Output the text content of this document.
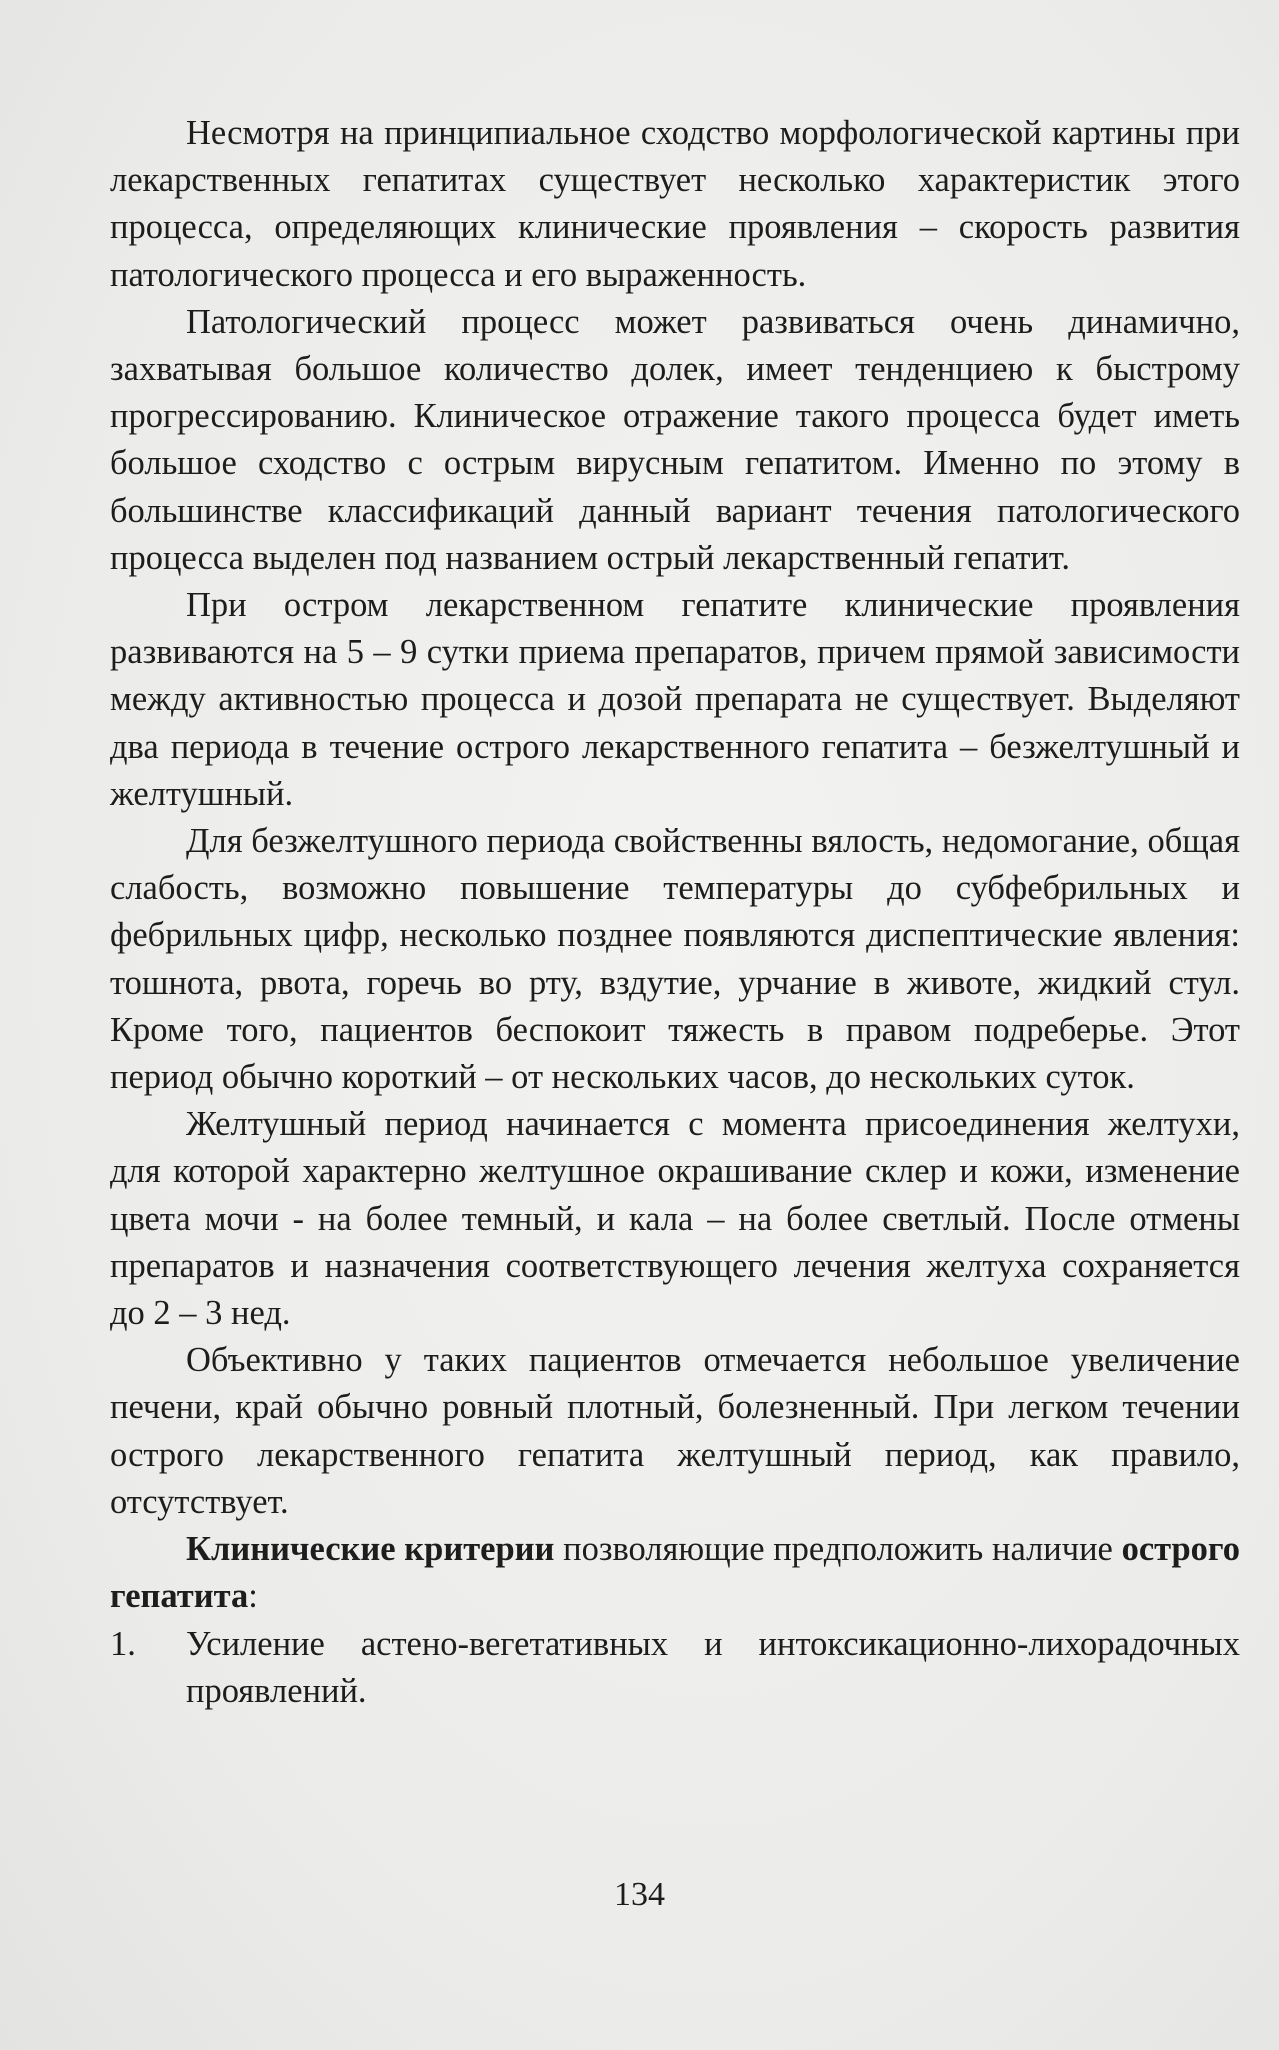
Несмотря на принципиальное сходство морфологической картины при лекарственных гепатитах существует несколько характеристик этого процесса, определяющих клинические проявления – скорость развития патологического процесса и его выраженность.

Патологический процесс может развиваться очень динамично, захватывая большое количество долек, имеет тенденциею к быстрому прогрессированию. Клиническое отражение такого процесса будет иметь большое сходство с острым вирусным гепатитом. Именно по этому в большинстве классификаций данный вариант течения патологического процесса выделен под названием острый лекарственный гепатит.

При остром лекарственном гепатите клинические проявления развиваются на 5 – 9 сутки приема препаратов, причем прямой зависимости между активностью процесса и дозой препарата не существует. Выделяют два периода в течение острого лекарственного гепатита – безжелтушный и желтушный.

Для безжелтушного периода свойственны вялость, недомогание, общая слабость, возможно повышение температуры до субфебрильных и фебрильных цифр, несколько позднее появляются диспептические явления: тошнота, рвота, горечь во рту, вздутие, урчание в животе, жидкий стул. Кроме того, пациентов беспокоит тяжесть в правом подреберье. Этот период обычно короткий – от нескольких часов, до нескольких суток.

Желтушный период начинается с момента присоединения желтухи, для которой характерно желтушное окрашивание склер и кожи, изменение цвета мочи - на более темный, и кала – на более светлый. После отмены препаратов и назначения соответствующего лечения желтуха сохраняется до 2 – 3 нед.

Объективно у таких пациентов отмечается небольшое увеличение печени, край обычно ровный плотный, болезненный. При легком течении острого лекарственного гепатита желтушный период, как правило, отсутствует.

Клинические критерии позволяющие предположить наличие острого гепатита:

1. Усиление астено-вегетативных и интоксикационно-лихорадочных проявлений.
134
